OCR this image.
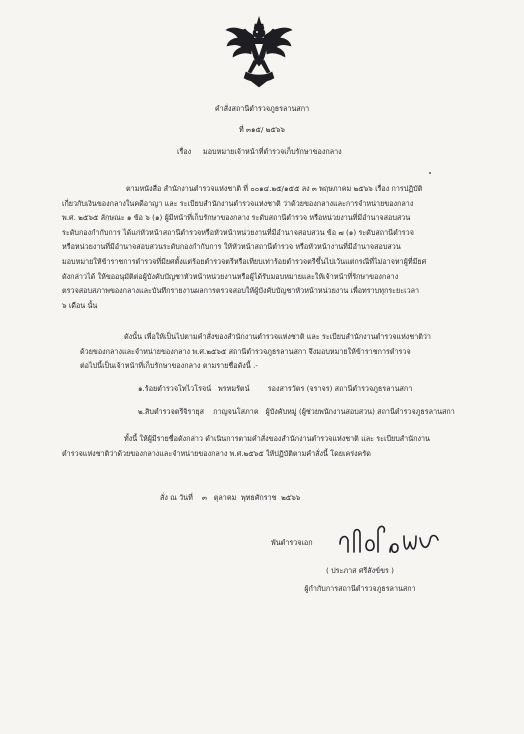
คำสั่งสถานีตำรวจภูธรลานสกา
ที่ ๓๑๕/ ๒๕๖๖
เรื่อง มอบหมายเจ้าหน้าที่ตำรวจเก็บรักษาของกลาง
ตามหนังสือ สำนักงานตำรวจแห่งชาติ ที่ ๐๐๑๔.๒๕/๑๕๕ ลง ๓ พฤษภาคม ๒๕๖๖ เรื่อง การปฏิบัติ
เกี่ยวกับเงินของกลางในคดีอาญา และ ระเบียบสำนักงานตำรวจแห่งชาติ ว่าด้วยของกลางและการจำหน่ายของกลาง
พ.ศ. ๒๕๖๕ ลักษณะ ๑ ข้อ ๖ (๑) ผู้มีหน้าที่เก็บรักษาของกลาง ระดับสถานีตำรวจ หรือหน่วยงานที่มีอำนาจสอบสวน
ระดับกองกำกับการ ได้แก่หัวหน้าสถานีตำรวจหรือหัวหน้าหน่วยงานที่มีอำนาจสอบสวน ข้อ ๗ (๑) ระดับสถานีตำรวจ
หรือหน่วยงานที่มีอำนาจสอบสวนระดับกองกำกับการ ให้หัวหน้าสถานีตำรวจ หรือหัวหน้างานที่มีอำนาจสอบสวน
มอบหมายให้ข้าราชการตำรวจที่มียศตั้งแต่ร้อยตำรวจตรีหรือเทียบเท่าร้อยตำรวจตรีขึ้นไปเว้นแต่กรณีที่ไม่อาจหาผู้ที่มียศ
ดังกล่าวได้ ให้ขออนุมัติต่อผู้บังคับบัญชาหัวหน้าหน่วยงานหรือผู้ได้รับมอบหมายและให้เจ้าหน้าที่รักษาของกลาง
ตรวจสอบสภาพของกลางและบันทึกรายงานผลการตรวจสอบให้ผู้บังคับบัญชาหัวหน้าหน่วยงาน เพื่อทราบทุกระยะเวลา
๖ เดือน นั้น
ดังนั้น เพื่อให้เป็นไปตามคำสั่งของสำนักงานตำรวจแห่งชาติ และ ระเบียบสำนักงานตำรวจแห่งชาติว่า
ด้วยของกลางและจำหน่ายของกลาง พ.ศ.๒๕๖๕ สถานีตำรวจภูธรลานสกา จึงมอบหมายให้ข้าราชการตำรวจ
ต่อไปนี้เป็นเจ้าหน้าที่เก็บรักษาของกลาง ตามรายชื่อดังนี้ .-
๑.ร้อยตำรวจโทไวโรจน์   พรหมรัตน์        รองสารวัตร (จราจร) สถานีตำรวจภูธรลานสกา
๒.สิบตำรวจตรีจิรายุส    กาญจนโสภาค   ผู้บังคับหมู่ (ผู้ช่วยพนักงานสอบสวน) สถานีตำรวจภูธรลานสกา
ทั้งนี้ ให้ผู้มีรายชื่อดังกล่าว ดำเนินการตามคำสั่งของสำนักงานตำรวจแห่งชาติ และ ระเบียบสำนักงาน
ตำรวจแห่งชาติว่าด้วยของกลางและจำหน่ายของกลาง พ.ศ.๒๕๖๕ ให้ปฏิบัติตามคำสั่งนี้ โดยเคร่งครัด
สั่ง ณ วันที่    ๓   ตุลาคม  พุทธศักราช  ๒๕๖๖
พันตำรวจเอก
( ประภาส ศรีสังข์ขร )
ผู้กำกับการสถานีตำรวจภูธรลานสกา
